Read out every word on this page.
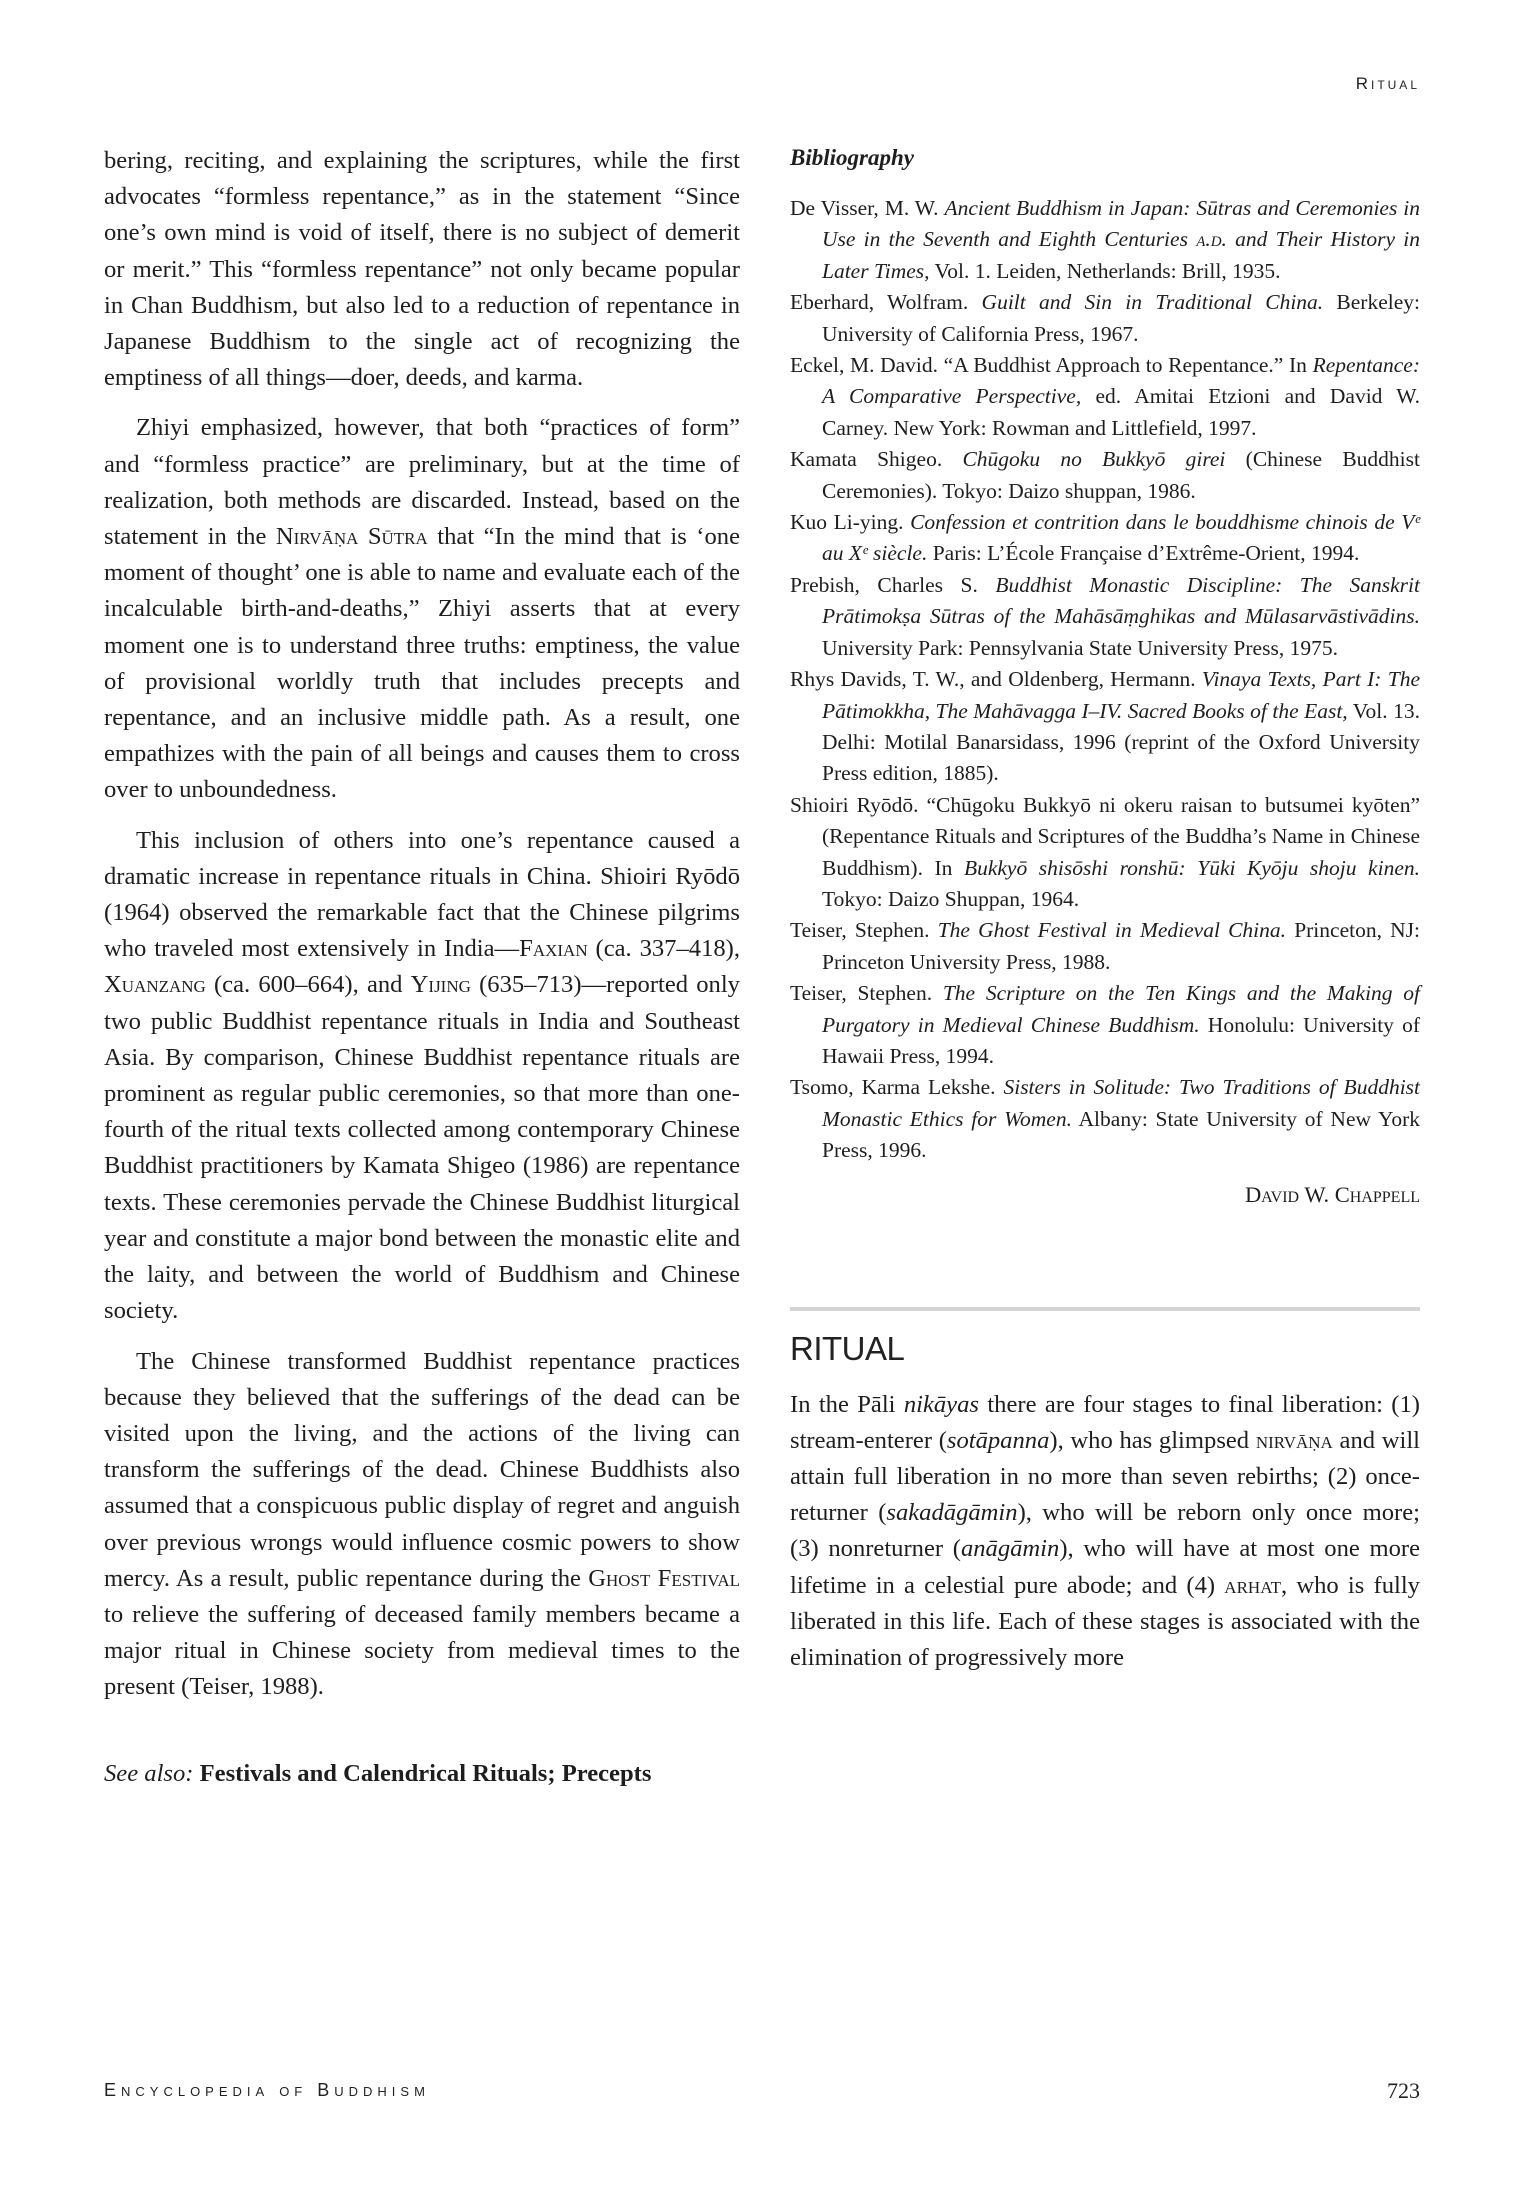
Ritual

bering, reciting, and explaining the scriptures, while the first advocates “formless repentance,” as in the statement “Since one’s own mind is void of itself, there is no subject of demerit or merit.” This “formless repentance” not only became popular in Chan Buddhism, but also led to a reduction of repentance in Japanese Buddhism to the single act of recognizing the emptiness of all things—doer, deeds, and karma.

Zhiyi emphasized, however, that both “practices of form” and “formless practice” are preliminary, but at the time of realization, both methods are discarded. Instead, based on the statement in the Nirvāṇa Sūtra that “In the mind that is ‘one moment of thought’ one is able to name and evaluate each of the incalculable birth-and-deaths,” Zhiyi asserts that at every moment one is to understand three truths: emptiness, the value of provisional worldly truth that includes precepts and repentance, and an inclusive middle path. As a result, one empathizes with the pain of all beings and causes them to cross over to unboundedness.

This inclusion of others into one’s repentance caused a dramatic increase in repentance rituals in China. Shioiri Ryōdō (1964) observed the remarkable fact that the Chinese pilgrims who traveled most extensively in India—Faxian (ca. 337–418), Xuanzang (ca. 600–664), and Yijing (635–713)—reported only two public Buddhist repentance rituals in India and Southeast Asia. By comparison, Chinese Buddhist repentance rituals are prominent as regular public ceremonies, so that more than one-fourth of the ritual texts collected among contemporary Chinese Buddhist practitioners by Kamata Shigeo (1986) are repentance texts. These ceremonies pervade the Chinese Buddhist liturgical year and constitute a major bond between the monastic elite and the laity, and between the world of Buddhism and Chinese society.

The Chinese transformed Buddhist repentance practices because they believed that the sufferings of the dead can be visited upon the living, and the actions of the living can transform the sufferings of the dead. Chinese Buddhists also assumed that a conspicuous public display of regret and anguish over previous wrongs would influence cosmic powers to show mercy. As a result, public repentance during the Ghost Festival to relieve the suffering of deceased family members became a major ritual in Chinese society from medieval times to the present (Teiser, 1988).

See also: Festivals and Calendrical Rituals; Precepts

Bibliography

De Visser, M. W. Ancient Buddhism in Japan: Sūtras and Ceremonies in Use in the Seventh and Eighth Centuries a.d. and Their History in Later Times, Vol. 1. Leiden, Netherlands: Brill, 1935.

Eberhard, Wolfram. Guilt and Sin in Traditional China. Berkeley: University of California Press, 1967.

Eckel, M. David. “A Buddhist Approach to Repentance.” In Repentance: A Comparative Perspective, ed. Amitai Etzioni and David W. Carney. New York: Rowman and Littlefield, 1997.

Kamata Shigeo. Chūgoku no Bukkyō girei (Chinese Buddhist Ceremonies). Tokyo: Daizo shuppan, 1986.

Kuo Li-ying. Confession et contrition dans le bouddhisme chinois de Vᵉ au Xᵉ siècle. Paris: L’École Française d’Extrême-Orient, 1994.

Prebish, Charles S. Buddhist Monastic Discipline: The Sanskrit Prātimokṣa Sūtras of the Mahāsāṃghikas and Mūlasarvāstivādins. University Park: Pennsylvania State University Press, 1975.

Rhys Davids, T. W., and Oldenberg, Hermann. Vinaya Texts, Part I: The Pātimokkha, The Mahāvagga I–IV. Sacred Books of the East, Vol. 13. Delhi: Motilal Banarsidass, 1996 (reprint of the Oxford University Press edition, 1885).

Shioiri Ryōdō. “Chūgoku Bukkyō ni okeru raisan to butsumei kyōten” (Repentance Rituals and Scriptures of the Buddha’s Name in Chinese Buddhism). In Bukkyō shisōshi ronshū: Yūki Kyōju shoju kinen. Tokyo: Daizo Shuppan, 1964.

Teiser, Stephen. The Ghost Festival in Medieval China. Princeton, NJ: Princeton University Press, 1988.

Teiser, Stephen. The Scripture on the Ten Kings and the Making of Purgatory in Medieval Chinese Buddhism. Honolulu: University of Hawaii Press, 1994.

Tsomo, Karma Lekshe. Sisters in Solitude: Two Traditions of Buddhist Monastic Ethics for Women. Albany: State University of New York Press, 1996.

David W. Chappell
RITUAL

In the Pāli nikāyas there are four stages to final liberation: (1) stream-enterer (sotāpanna), who has glimpsed nirvāṇa and will attain full liberation in no more than seven rebirths; (2) once-returner (sakadāgāmin), who will be reborn only once more; (3) nonreturner (anāgāmin), who will have at most one more lifetime in a celestial pure abode; and (4) arhat, who is fully liberated in this life. Each of these stages is associated with the elimination of progressively more

Encyclopedia of Buddhism	723
